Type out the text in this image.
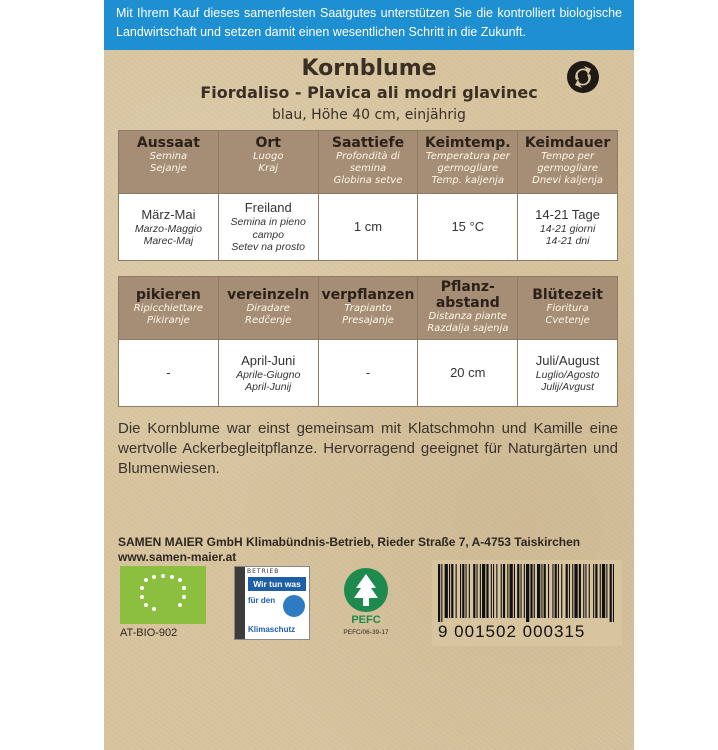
Mit Ihrem Kauf dieses samenfesten Saatgutes unterstützen Sie die kontrolliert biologische Landwirtschaft und setzen damit einen wesentlichen Schritt in die Zukunft.
Kornblume
Fiordaliso - Plavica ali modri glavinec
blau, Höhe 40 cm, einjährig
Aussaat
Semina
Sejanje	Ort
Luogo
Kraj	Saattiefe
Profondità di semina
Globina setve	Keimtemp.
Temperatura per germogliare
Temp. kaljenja	Keimdauer
Tempo per germogliare
Dnevi kaljenja

März-Mai
Marzo-Maggio
Marec-Maj	Freiland
Semina in pieno campo
Setev na prosto	1 cm	15 °C	14-21 Tage
14-21 giorni
14-21 dni
pikieren
Ripicchiettare
Pikiranje	vereinzeln
Diradare
Redčenje	verpflanzen
Trapianto
Presajanje	Pflanz-abstand
Distanza piante
Razdalja sajenja	Blütezeit
Fioritura
Cvetenje

-	April-Juni
Aprile-Giugno
April-Junij	-	20 cm	Juli/August
Luglio/Agosto
Julij/Avgust
Die Kornblume war einst gemeinsam mit Klatschmohn und Kamille eine wertvolle Ackerbegleitpflanze. Hervorragend geeignet für Naturgärten und Blumenwiesen.
SAMEN MAIER GmbH Klimabündnis-Betrieb, Rieder Straße 7, A-4753 Taiskirchen
www.samen-maier.at
AT-BIO-902
BETRIEB
Wir tun was
für den
Klimaschutz
PEFC
PEFC/06-39-17	9 001502 000315
